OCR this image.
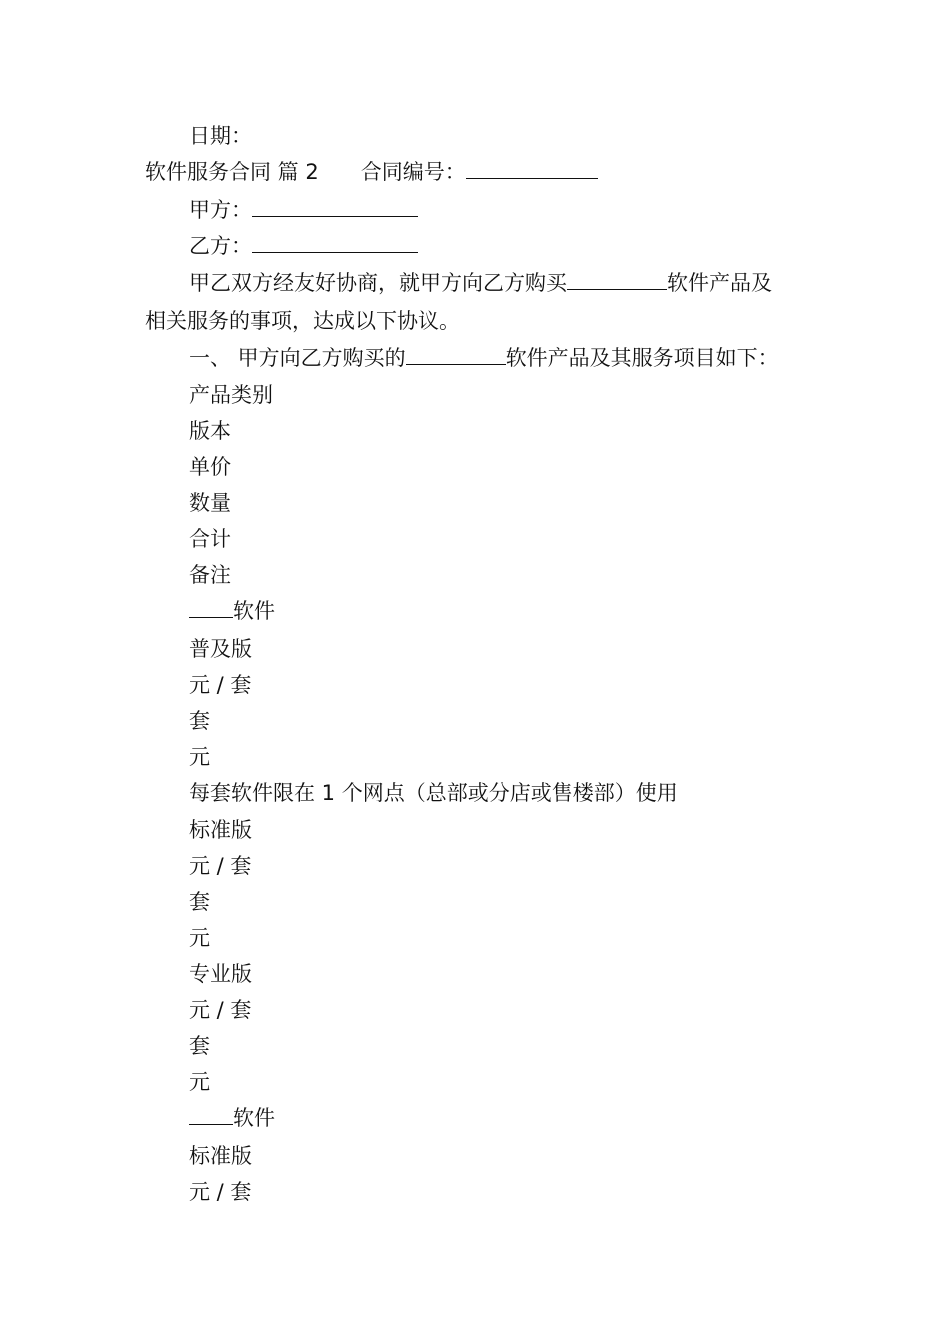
日期：
软件服务合同 篇 2 合同编号：
甲方：
乙方：
甲乙双方经友好协商，就甲方向乙方购买	软件产品及
相关服务的事项，达成以下协议。
一、 甲方向乙方购买的	软件产品及其服务项目如下：
产品类别
版本
单价
数量
合计
备注
软件
普及版
元 / 套
套
元
每套软件限在 1 个网点（总部或分店或售楼部）使用
标准版
元 / 套
套
元
专业版
元 / 套
套
元
软件
标准版
元 / 套
